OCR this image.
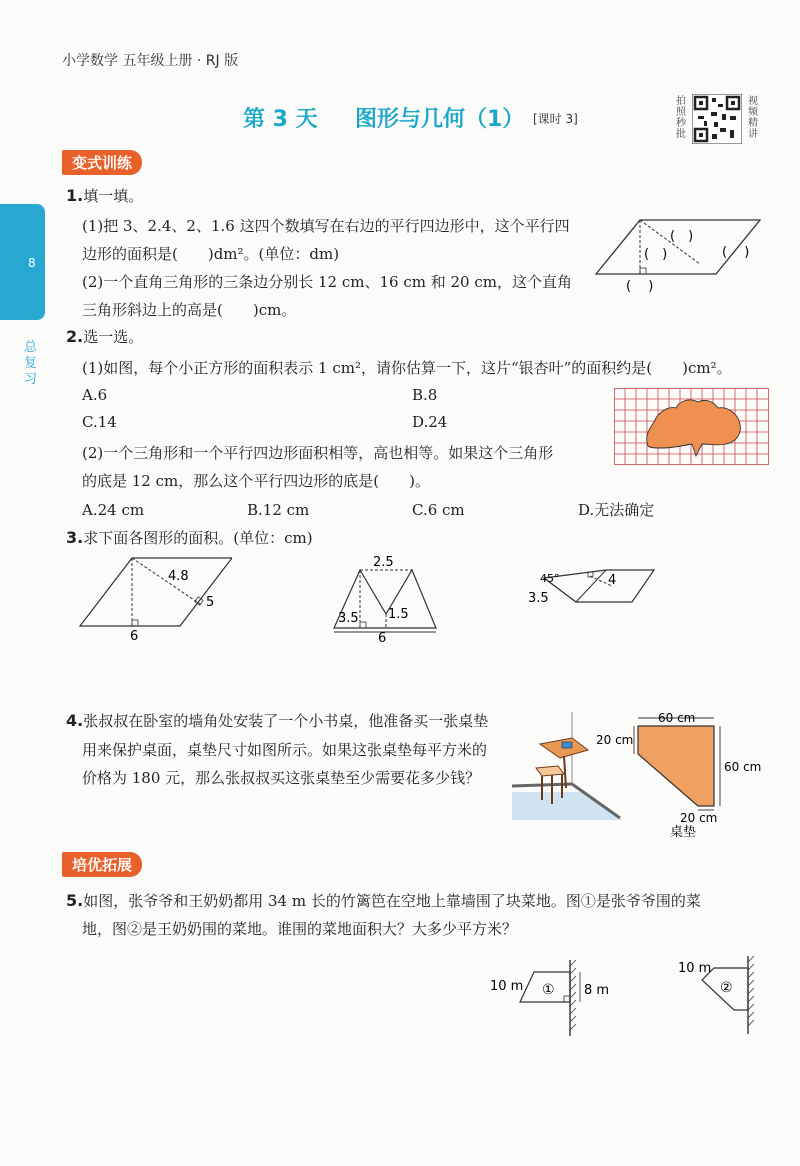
小学数学 五年级上册 · RJ 版
第 3 天 图形与几何（1） [课时 3]
拍照秒批
视频精讲
8
总复习
变式训练
1.填一填。
(1)把 3、2.4、2、1.6 这四个数填写在右边的平行四边形中，这个平行四
边形的面积是(　　)dm²。(单位：dm)
(2)一个直角三角形的三条边分别长 12 cm、16 cm 和 20 cm，这个直角
三角形斜边上的高是(　　)cm。
(　)
(　)	(　 )
(　 )
2.选一选。
(1)如图，每个小正方形的面积表示 1 cm²，请你估算一下，这片“银杏叶”的面积约是(　　)cm²。
A.6	B.8
C.14	D.24
(2)一个三角形和一个平行四边形面积相等，高也相等。如果这个三角形
的底是 12 cm，那么这个平行四边形的底是(　　)。
A.24 cm	B.12 cm	C.6 cm	D.无法确定
3.求下面各图形的面积。(单位：cm)
4.8
5
6
2.5
3.5 1.5
6
45°
3.5
4
4.张叔叔在卧室的墙角处安装了一个小书桌，他准备买一张桌垫
用来保护桌面，桌垫尺寸如图所示。如果这张桌垫每平方米的
价格为 180 元，那么张叔叔买这张桌垫至少需要花多少钱？
60 cm
20 cm
60 cm
20 cm
桌垫
培优拓展
5.如图，张爷爷和王奶奶都用 34 m 长的竹篱笆在空地上靠墙围了块菜地。图①是张爷爷围的菜
地，图②是王奶奶围的菜地。谁围的菜地面积大？大多少平方米？
10 m ① 8 m
10 m
②
